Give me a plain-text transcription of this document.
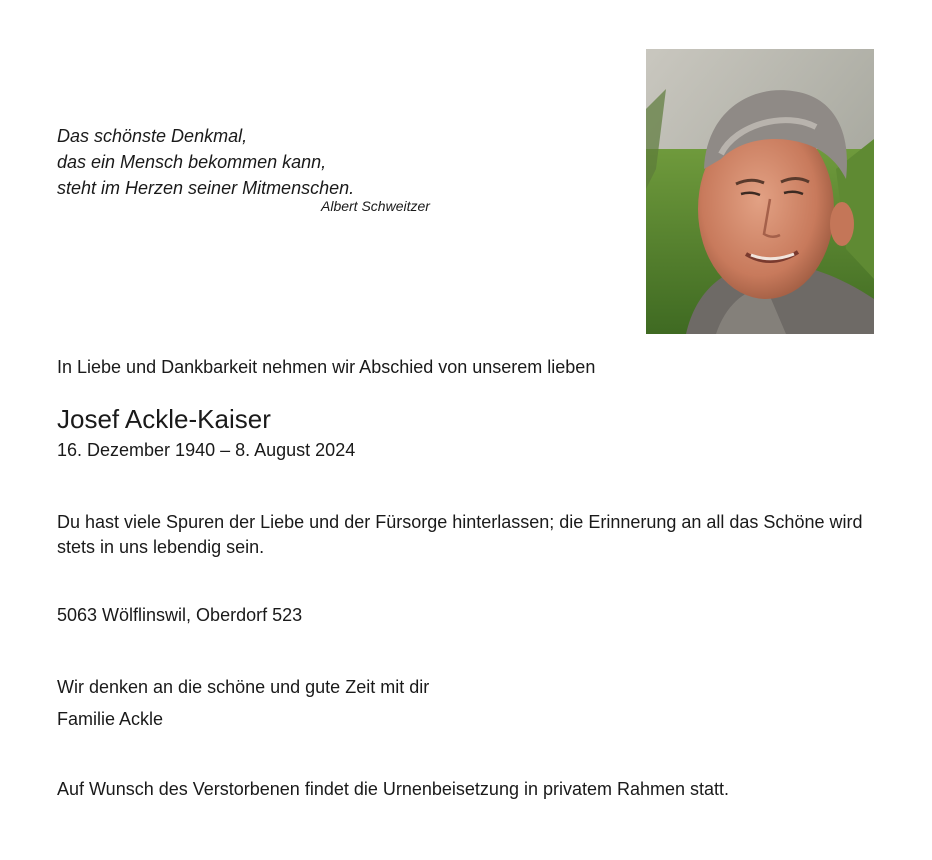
Das schönste Denkmal,
das ein Mensch bekommen kann,
steht im Herzen seiner Mitmenschen.
Albert Schweitzer
In Liebe und Dankbarkeit nehmen wir Abschied von unserem lieben
Josef Ackle-Kaiser
16. Dezember 1940 – 8. August 2024
Du hast viele Spuren der Liebe und der Fürsorge hinterlassen; die Erinnerung an all das Schöne wird stets in uns lebendig sein.
5063 Wölflinswil, Oberdorf 523
Wir denken an die schöne und gute Zeit mit dir
Familie Ackle
Auf Wunsch des Verstorbenen findet die Urnenbeisetzung in privatem Rahmen statt.
